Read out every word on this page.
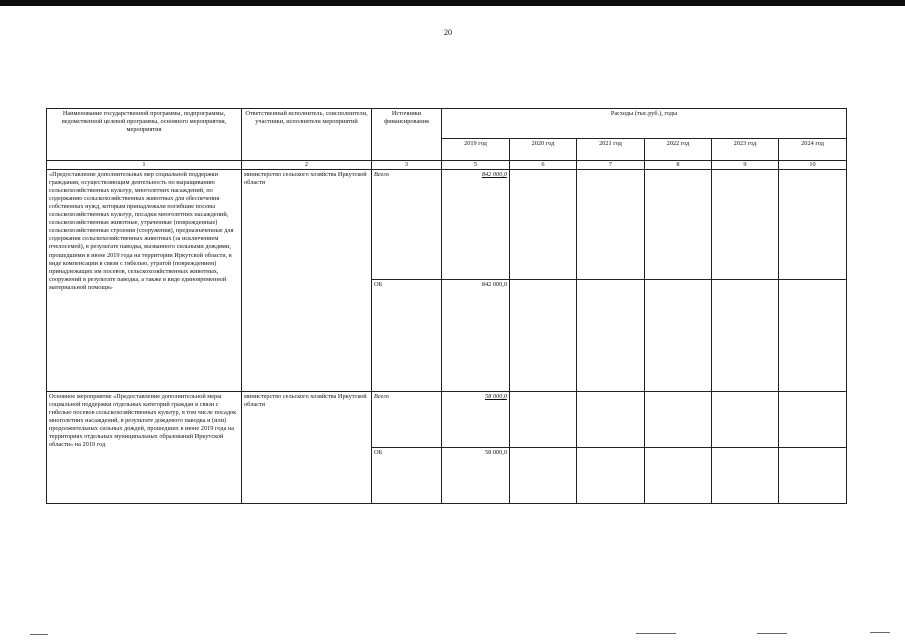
20
Наименование государственной программы, подпрограммы, ведомственной целевой программы, основного мероприятия, мероприятия	Ответственный исполнитель, соисполнители, участники, исполнители мероприятий	Источники финансирования	Расходы (тыс.руб.), годы					
			2019 год	2020 год	2021 год	2022 год	2023 год	2024 год
1	2	3	5	6	7	8	9	10
«Предоставление дополнительных мер социальной поддержки гражданам, осуществляющим деятельность по выращиванию сельскохозяйственных культур, многолетних насаждений, по содержанию сельскохозяйственных животных для обеспечения собственных нужд, которым принадлежали погибшие посевы сельскохозяйственных культур, посадки многолетних насаждений, сельскохозяйственные животные, утраченные (поврежденные) сельскохозяйственные строения (сооружения), предназначенные для содержания сельскохозяйственных животных (за исключением пчелосемей), в результате паводка, вызванного сильными дождями, прошедшими в июне 2019 года на территории Иркутской области, в виде компенсации в связи с гибелью, утратой (повреждением) принадлежащих им посевов, сельскохозяйственных животных, сооружений в результате паводка, а также в виде единовременной материальной помощи»	министерство сельского хозяйства Иркутской области	Всего	842 000,0					
		ОБ	842 000,0					
Основное мероприятие «Предоставление дополнительной меры социальной поддержки отдельных категорий граждан в связи с гибелью посевов сельскохозяйственных культур, в том числе посадок многолетних насаждений, в результате дождевого паводка и (или) продолжительных сильных дождей, прошедших в июне 2019 года на территориях отдельных муниципальных образований Иркутской области» на 2019 год	министерство сельского хозяйства Иркутской области	Всего	58 000,0					
		ОБ	58 000,0					
